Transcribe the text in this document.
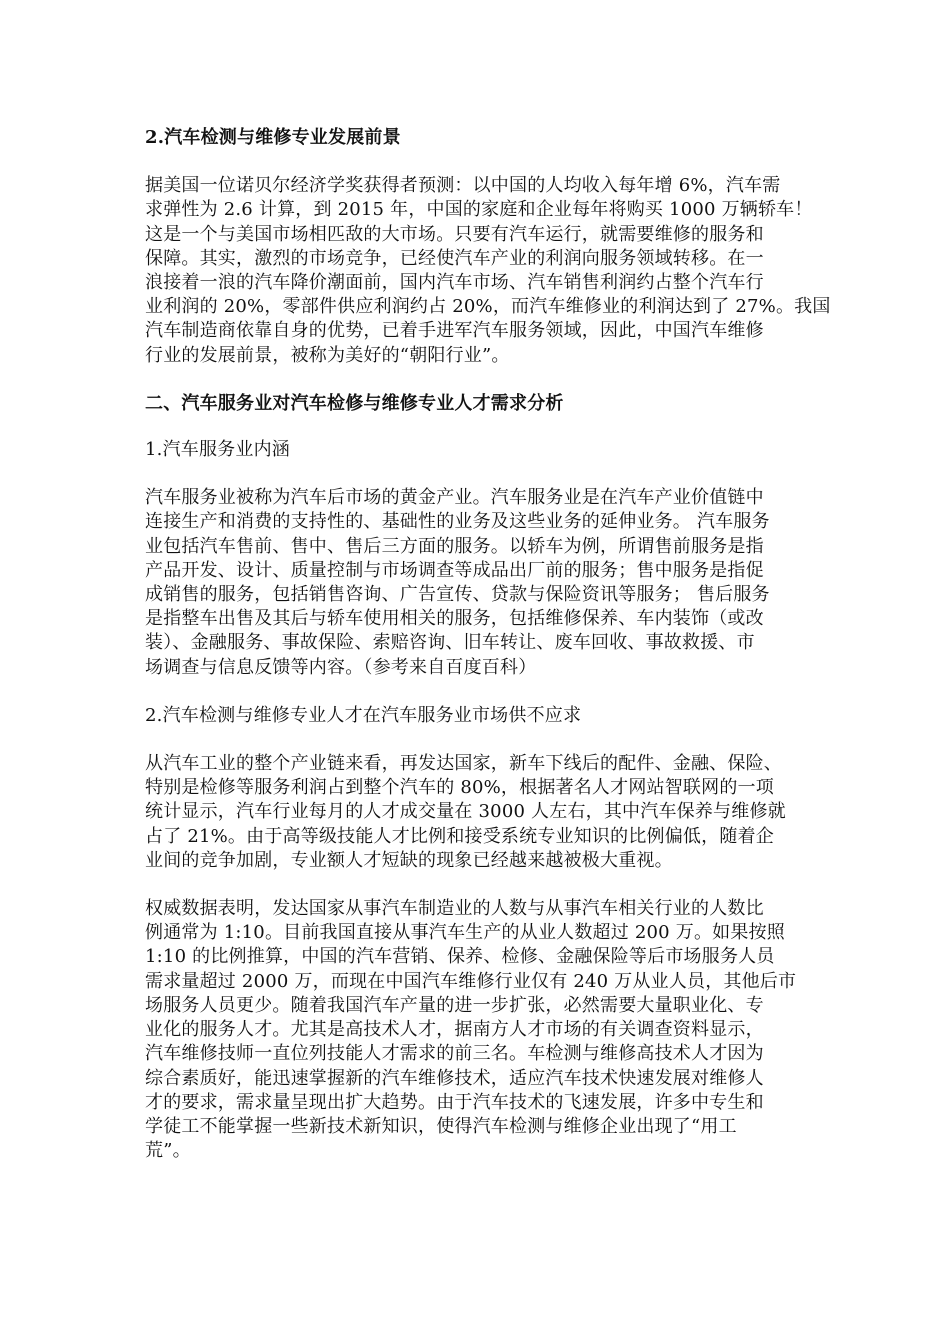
2.汽车检测与维修专业发展前景

据美国一位诺贝尔经济学奖获得者预测：以中国的人均收入每年增 6%，汽车需
求弹性为 2.6 计算，到 2015 年，中国的家庭和企业每年将购买 1000 万辆轿车！
这是一个与美国市场相匹敌的大市场。只要有汽车运行，就需要维修的服务和
保障。其实，激烈的市场竞争，已经使汽车产业的利润向服务领域转移。在一
浪接着一浪的汽车降价潮面前，国内汽车市场、汽车销售利润约占整个汽车行
业利润的 20%，零部件供应利润约占 20%，而汽车维修业的利润达到了 27%。我国
汽车制造商依靠自身的优势，已着手进军汽车服务领域，因此，中国汽车维修
行业的发展前景，被称为美好的“朝阳行业”。

二、汽车服务业对汽车检修与维修专业人才需求分析

1.汽车服务业内涵

汽车服务业被称为汽车后市场的黄金产业。汽车服务业是在汽车产业价值链中
连接生产和消费的支持性的、基础性的业务及这些业务的延伸业务。 汽车服务
业包括汽车售前、售中、售后三方面的服务。以轿车为例，所谓售前服务是指
产品开发、设计、质量控制与市场调查等成品出厂前的服务；售中服务是指促
成销售的服务，包括销售咨询、广告宣传、贷款与保险资讯等服务； 售后服务
是指整车出售及其后与轿车使用相关的服务，包括维修保养、车内装饰（或改
装）、金融服务、事故保险、索赔咨询、旧车转让、废车回收、事故救援、市
场调查与信息反馈等内容。（参考来自百度百科）

2.汽车检测与维修专业人才在汽车服务业市场供不应求

从汽车工业的整个产业链来看，再发达国家，新车下线后的配件、金融、保险、
特别是检修等服务利润占到整个汽车的 80%，根据著名人才网站智联网的一项
统计显示，汽车行业每月的人才成交量在 3000 人左右，其中汽车保养与维修就
占了 21%。由于高等级技能人才比例和接受系统专业知识的比例偏低，随着企
业间的竞争加剧，专业额人才短缺的现象已经越来越被极大重视。

权威数据表明，发达国家从事汽车制造业的人数与从事汽车相关行业的人数比
例通常为 1:10。目前我国直接从事汽车生产的从业人数超过 200 万。如果按照
1:10 的比例推算，中国的汽车营销、保养、检修、金融保险等后市场服务人员
需求量超过 2000 万，而现在中国汽车维修行业仅有 240 万从业人员，其他后市
场服务人员更少。随着我国汽车产量的进一步扩张，必然需要大量职业化、专
业化的服务人才。尤其是高技术人才，据南方人才市场的有关调查资料显示，
汽车维修技师一直位列技能人才需求的前三名。车检测与维修高技术人才因为
综合素质好，能迅速掌握新的汽车维修技术，适应汽车技术快速发展对维修人
才的要求，需求量呈现出扩大趋势。由于汽车技术的飞速发展，许多中专生和
学徒工不能掌握一些新技术新知识，使得汽车检测与维修企业出现了“用工
荒”。
